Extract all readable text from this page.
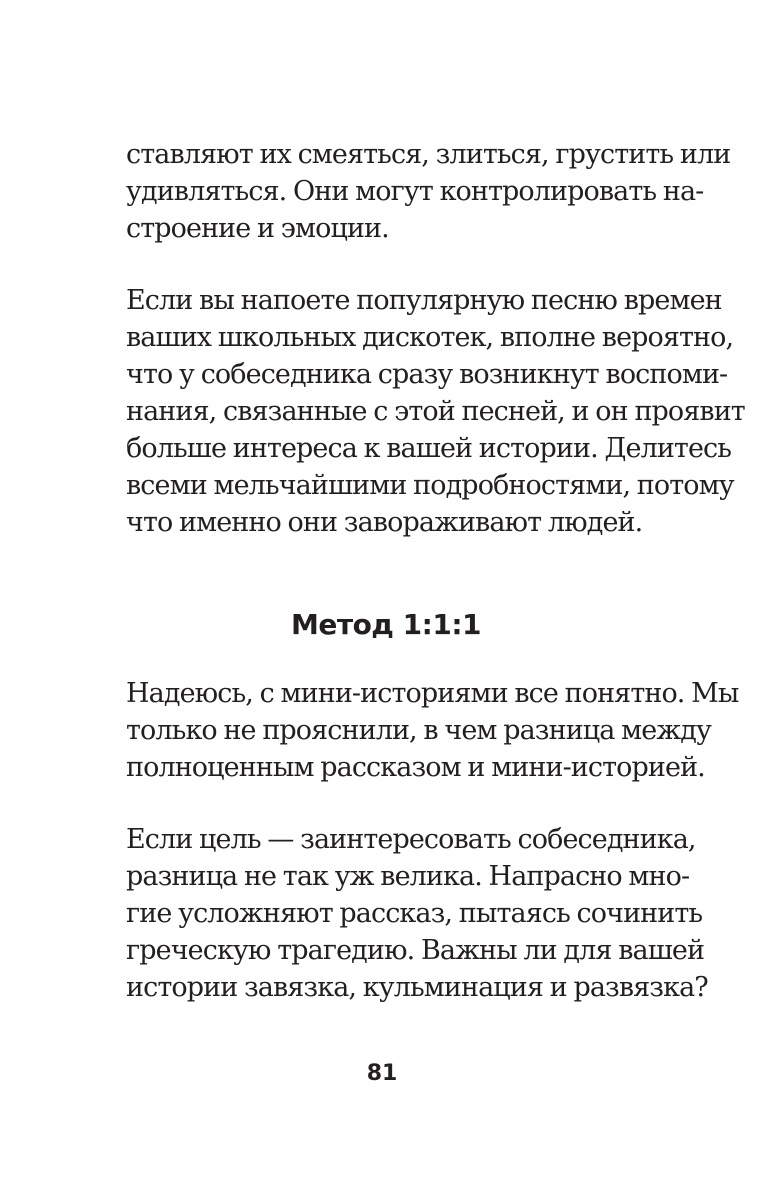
ставляют их смеяться, злиться, грустить или
удивляться. Они могут контролировать на-
строение и эмоции.
Если вы напоете популярную песню времен
ваших школьных дискотек, вполне вероятно,
что у собеседника сразу возникнут воспоми-
нания, связанные с этой песней, и он проявит
больше интереса к вашей истории. Делитесь
всеми мельчайшими подробностями, потому
что именно они завораживают людей.
Метод 1:1:1
Надеюсь, с мини-историями все понятно. Мы
только не прояснили, в чем разница между
полноценным рассказом и мини-историей.
Если цель — заинтересовать собеседника,
разница не так уж велика. Напрасно мно-
гие усложняют рассказ, пытаясь сочинить
греческую трагедию. Важны ли для вашей
истории завязка, кульминация и развязка?
81
